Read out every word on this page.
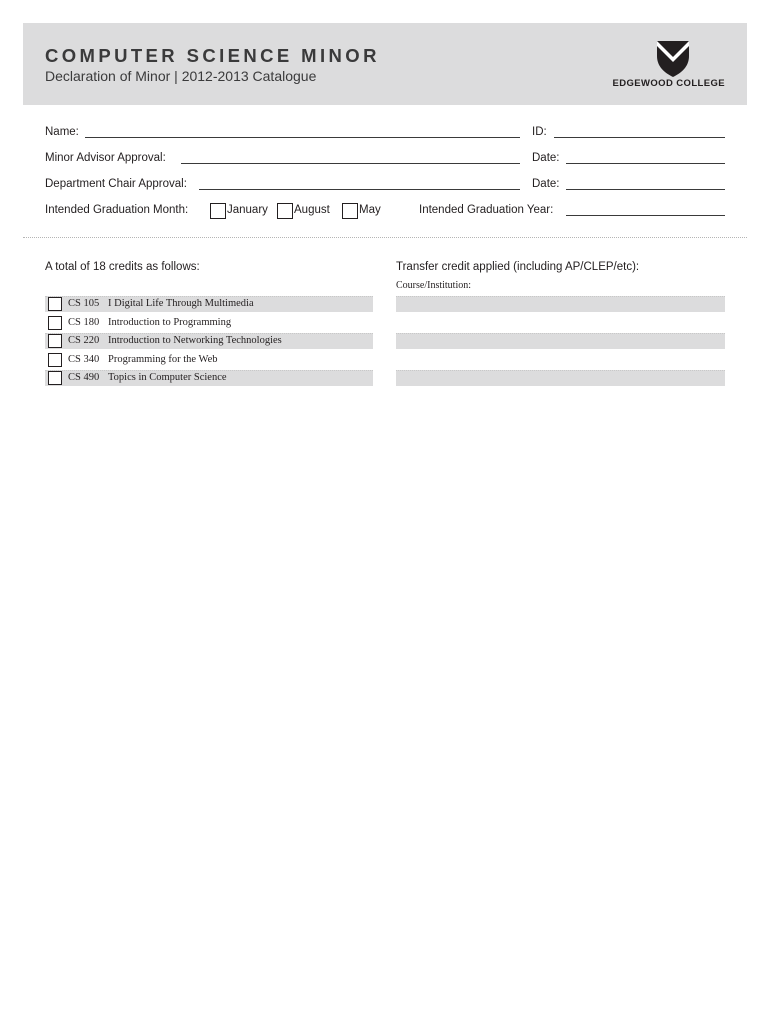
COMPUTER SCIENCE MINOR
Declaration of Minor | 2012-2013 Catalogue	EDGEWOOD COLLEGE
Name:	ID:
Minor Advisor Approval:	Date:
Department Chair Approval:	Date:
Intended Graduation Month:	January August	May	Intended Graduation Year:
A total of 18 credits as follows:
CS 105 I Digital Life Through Multimedia
CS 180 Introduction to Programming
CS 220 Introduction to Networking Technologies
CS 340 Programming for the Web
CS 490 Topics in Computer Science
Transfer credit applied (including AP/CLEP/etc):
Course/Institution:
